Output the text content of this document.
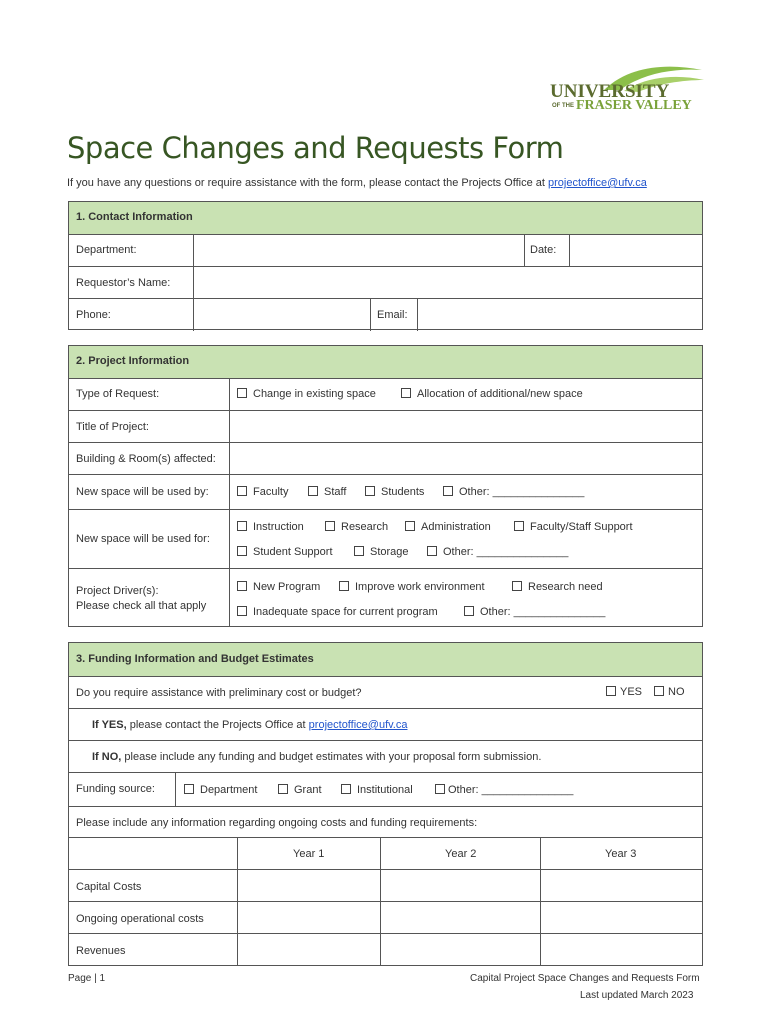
UNIVERSITY
OF THE FRASER VALLEY
Space Changes and Requests Form
If you have any questions or require assistance with the form, please contact the Projects Office at projectoffice@ufv.ca
1. Contact Information
Department:	Date:
Requestor’s Name:
Phone:	Email:
2. Project Information
Type of Request:	Change in existing space	Allocation of additional/new space
Title of Project:
Building & Room(s) affected:
New space will be used by:	Faculty	Staff	Students	Other: _______________
New space will be used for:
Instruction	Research	Administration	Faculty/Staff Support
Student Support	Storage	Other: _______________
Project Driver(s):
Please check all that apply
New Program	Improve work environment	Research need
Inadequate space for current program	Other: _______________
3. Funding Information and Budget Estimates
Do you require assistance with preliminary cost or budget?	YES	NO
If YES, please contact the Projects Office at projectoffice@ufv.ca
If NO, please include any funding and budget estimates with your proposal form submission.
Funding source:	Department	Grant	Institutional	Other: _______________
Please include any information regarding ongoing costs and funding requirements:
Year 1	Year 2	Year 3
Capital Costs
Ongoing operational costs
Revenues
Page | 1	Capital Project Space Changes and Requests Form
Last updated March 2023
